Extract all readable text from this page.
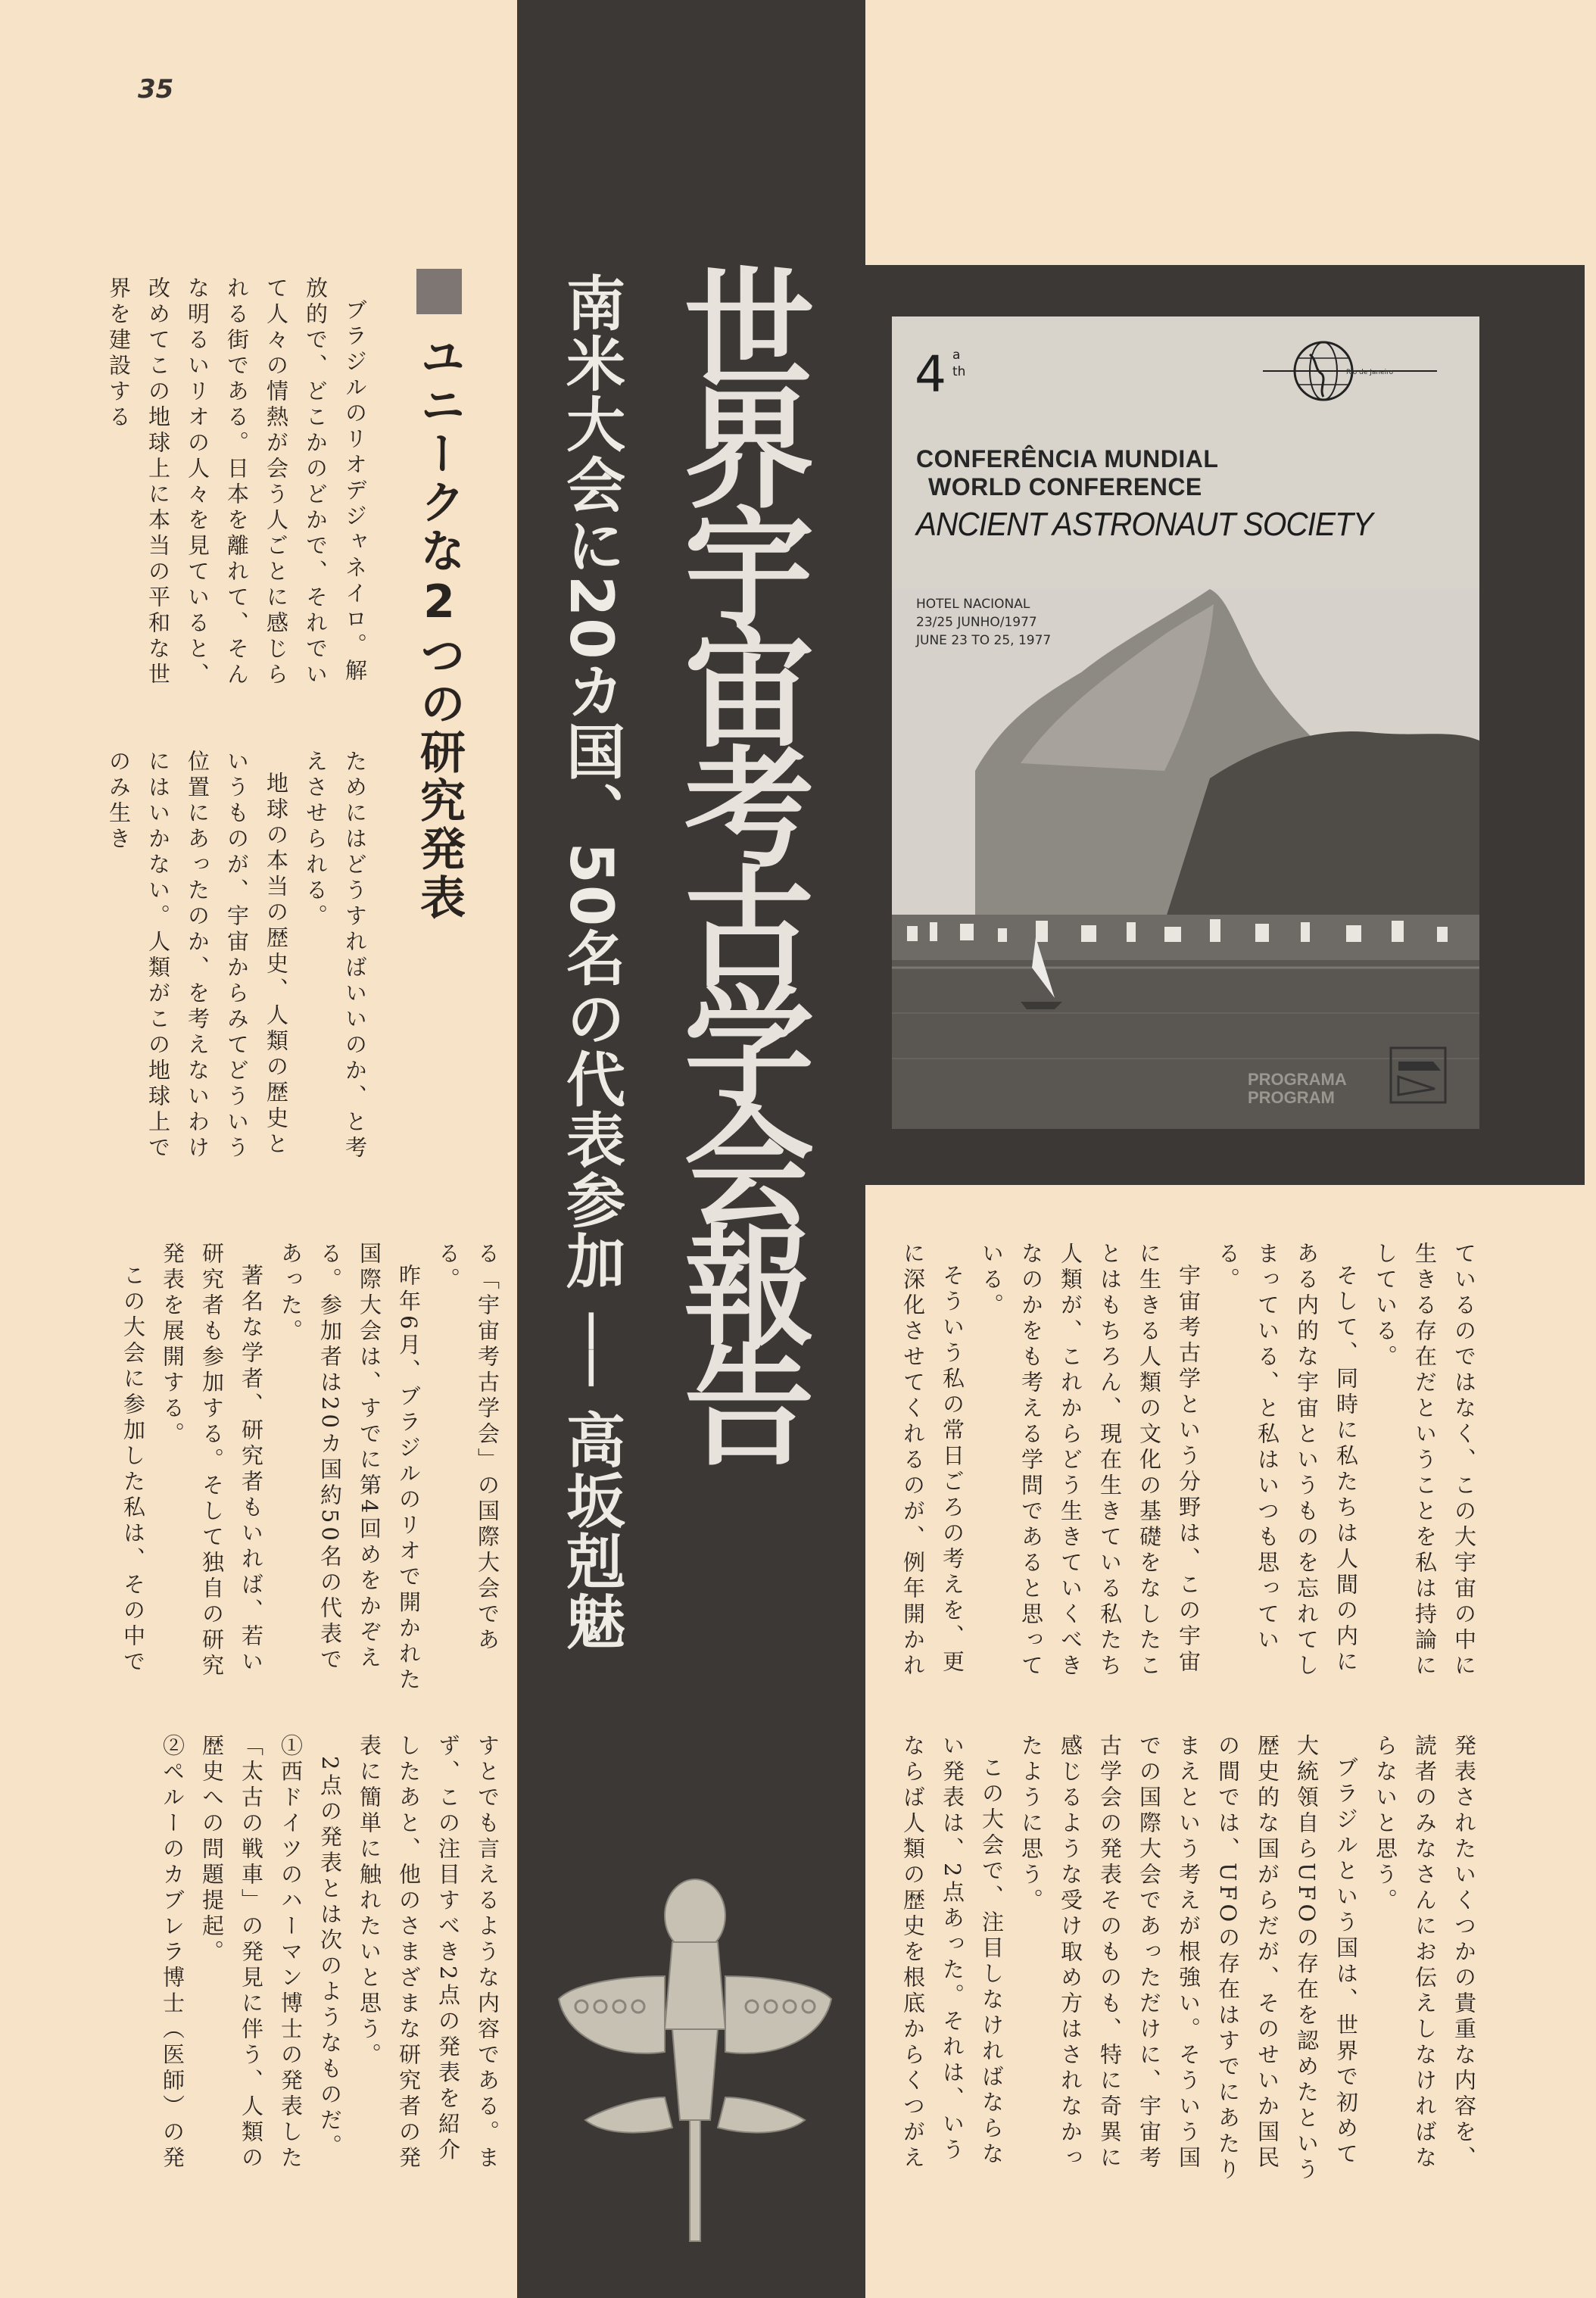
35
世界宇宙考古学会報告
南米大会に20カ国、50名の代表参加 ── 高坂剋魅	4 a th	Rio de Janeiro
CONFERÊNCIA MUNDIAL
WORLD CONFERENCE
ANCIENT ASTRONAUT SOCIETY
HOTEL NACIONAL
23/25 JUNHO/1977
JUNE 23 TO 25, 1977
PROGRAMA
PROGRAM
ユニークな2つの研究発表

ブラジルのリオデジャネイロ。解放的で、どこかのどかで、それでいて人々の情熱が会う人ごとに感じられる街である。日本を離れて、そんな明るいリオの人々を見ていると、改めてこの地球上に本当の平和な世界を建設する

ためにはどうすればいいのか、と考えさせられる。

地球の本当の歴史、人類の歴史というものが、宇宙からみてどういう位置にあったのか、を考えないわけにはいかない。人類がこの地球上でのみ生き

る「宇宙考古学会」の国際大会である。

昨年6月、ブラジルのリオで開かれた国際大会は、すでに第4回めをかぞえる。参加者は20カ国約50名の代表であった。

著名な学者、研究者もいれば、若い研究者も参加する。そして独自の研究発表を展開する。

この大会に参加した私は、その中で

すとでも言えるような内容である。まず、この注目すべき2点の発表を紹介したあと、他のさまざまな研究者の発表に簡単に触れたいと思う。

2点の発表とは次のようなものだ。

①西ドイツのハーマン博士の発表した「太古の戦車」の発見に伴う、人類の歴史への問題提起。

②ペルーのカブレラ博士（医師）の発

ているのではなく、この大宇宙の中に生きる存在だということを私は持論にしている。

そして、同時に私たちは人間の内にある内的な宇宙というものを忘れてしまっている、と私はいつも思っている。

宇宙考古学という分野は、この宇宙に生きる人類の文化の基礎をなしたことはもちろん、現在生きている私たち人類が、これからどう生きていくべきなのかをも考える学問であると思っている。

そういう私の常日ごろの考えを、更に深化させてくれるのが、例年開かれ

発表されたいくつかの貴重な内容を、読者のみなさんにお伝えしなければならないと思う。

ブラジルという国は、世界で初めて大統領自らUFOの存在を認めたという歴史的な国がらだが、そのせいか国民の間では、UFOの存在はすでにあたりまえという考えが根強い。そういう国での国際大会であっただけに、宇宙考古学会の発表そのものも、特に奇異に感じるような受け取め方はされなかったように思う。

この大会で、注目しなければならない発表は、2点あった。それは、いうならば人類の歴史を根底からくつがえ
